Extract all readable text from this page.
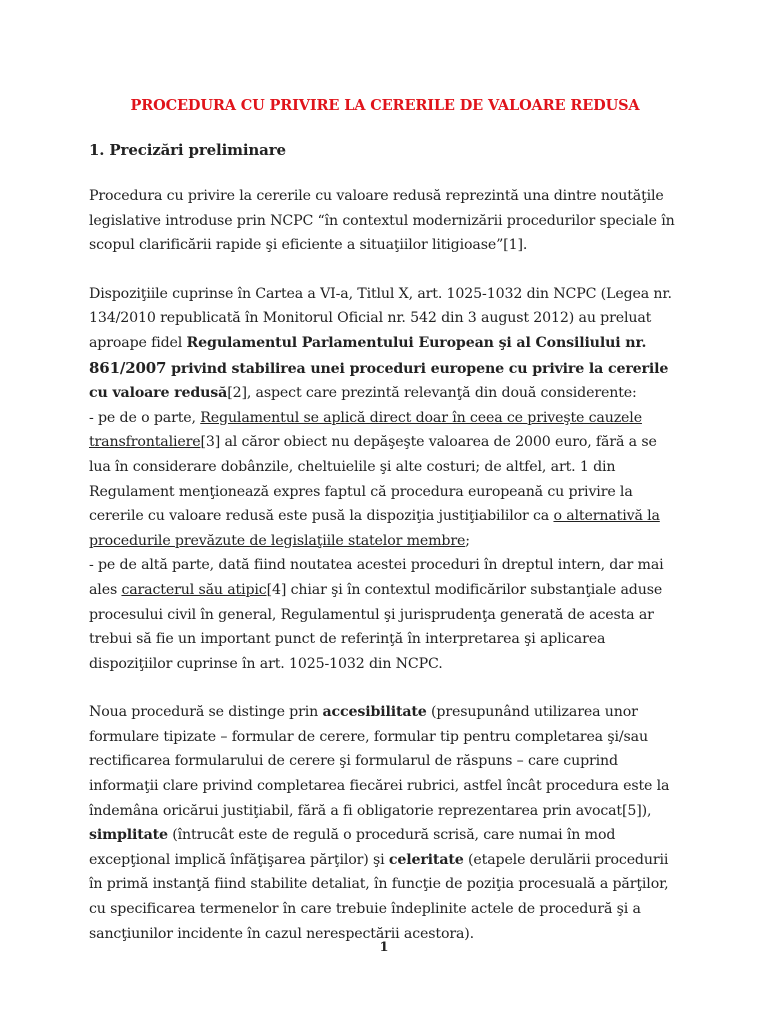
PROCEDURA CU PRIVIRE LA CERERILE DE VALOARE REDUSA
1. Precizări preliminare

Procedura cu privire la cererile cu valoare redusă reprezintă una dintre noutăţile legislative introduse prin NCPC “în contextul modernizării procedurilor speciale în scopul clarificării rapide şi eficiente a situaţiilor litigioase”[1].

Dispoziţiile cuprinse în Cartea a VI-a, Titlul X, art. 1025-1032 din NCPC (Legea nr. 134/2010 republicată în Monitorul Oficial nr. 542 din 3 august 2012) au preluat aproape fidel Regulamentul Parlamentului European şi al Consiliului nr. 861/2007 privind stabilirea unei proceduri europene cu privire la cererile cu valoare redusă[2], aspect care prezintă relevanţă din două considerente:
- pe de o parte, Regulamentul se aplică direct doar în ceea ce priveşte cauzele transfrontaliere[3] al căror obiect nu depăşeşte valoarea de 2000 euro, fără a se lua în considerare dobânzile, cheltuielile şi alte costuri; de altfel, art. 1 din Regulament menţionează expres faptul că procedura europeană cu privire la cererile cu valoare redusă este pusă la dispoziţia justiţiabililor ca o alternativă la procedurile prevăzute de legislaţiile statelor membre;
- pe de altă parte, dată fiind noutatea acestei proceduri în dreptul intern, dar mai ales caracterul său atipic[4] chiar şi în contextul modificărilor substanţiale aduse procesului civil în general, Regulamentul şi jurisprudenţa generată de acesta ar trebui să fie un important punct de referinţă în interpretarea şi aplicarea dispoziţiilor cuprinse în art. 1025-1032 din NCPC.

Noua procedură se distinge prin accesibilitate (presupunând utilizarea unor formulare tipizate – formular de cerere, formular tip pentru completarea şi/sau rectificarea formularului de cerere şi formularul de răspuns – care cuprind informaţii clare privind completarea fiecărei rubrici, astfel încât procedura este la îndemâna oricărui justiţiabil, fără a fi obligatorie reprezentarea prin avocat[5]), simplitate (întrucât este de regulă o procedură scrisă, care numai în mod excepţional implică înfăţişarea părţilor) şi celeritate (etapele derulării procedurii în primă instanţă fiind stabilite detaliat, în funcţie de poziţia procesuală a părţilor, cu specificarea termenelor în care trebuie îndeplinite actele de procedură şi a sancţiunilor incidente în cazul nerespectării acestora).

1
